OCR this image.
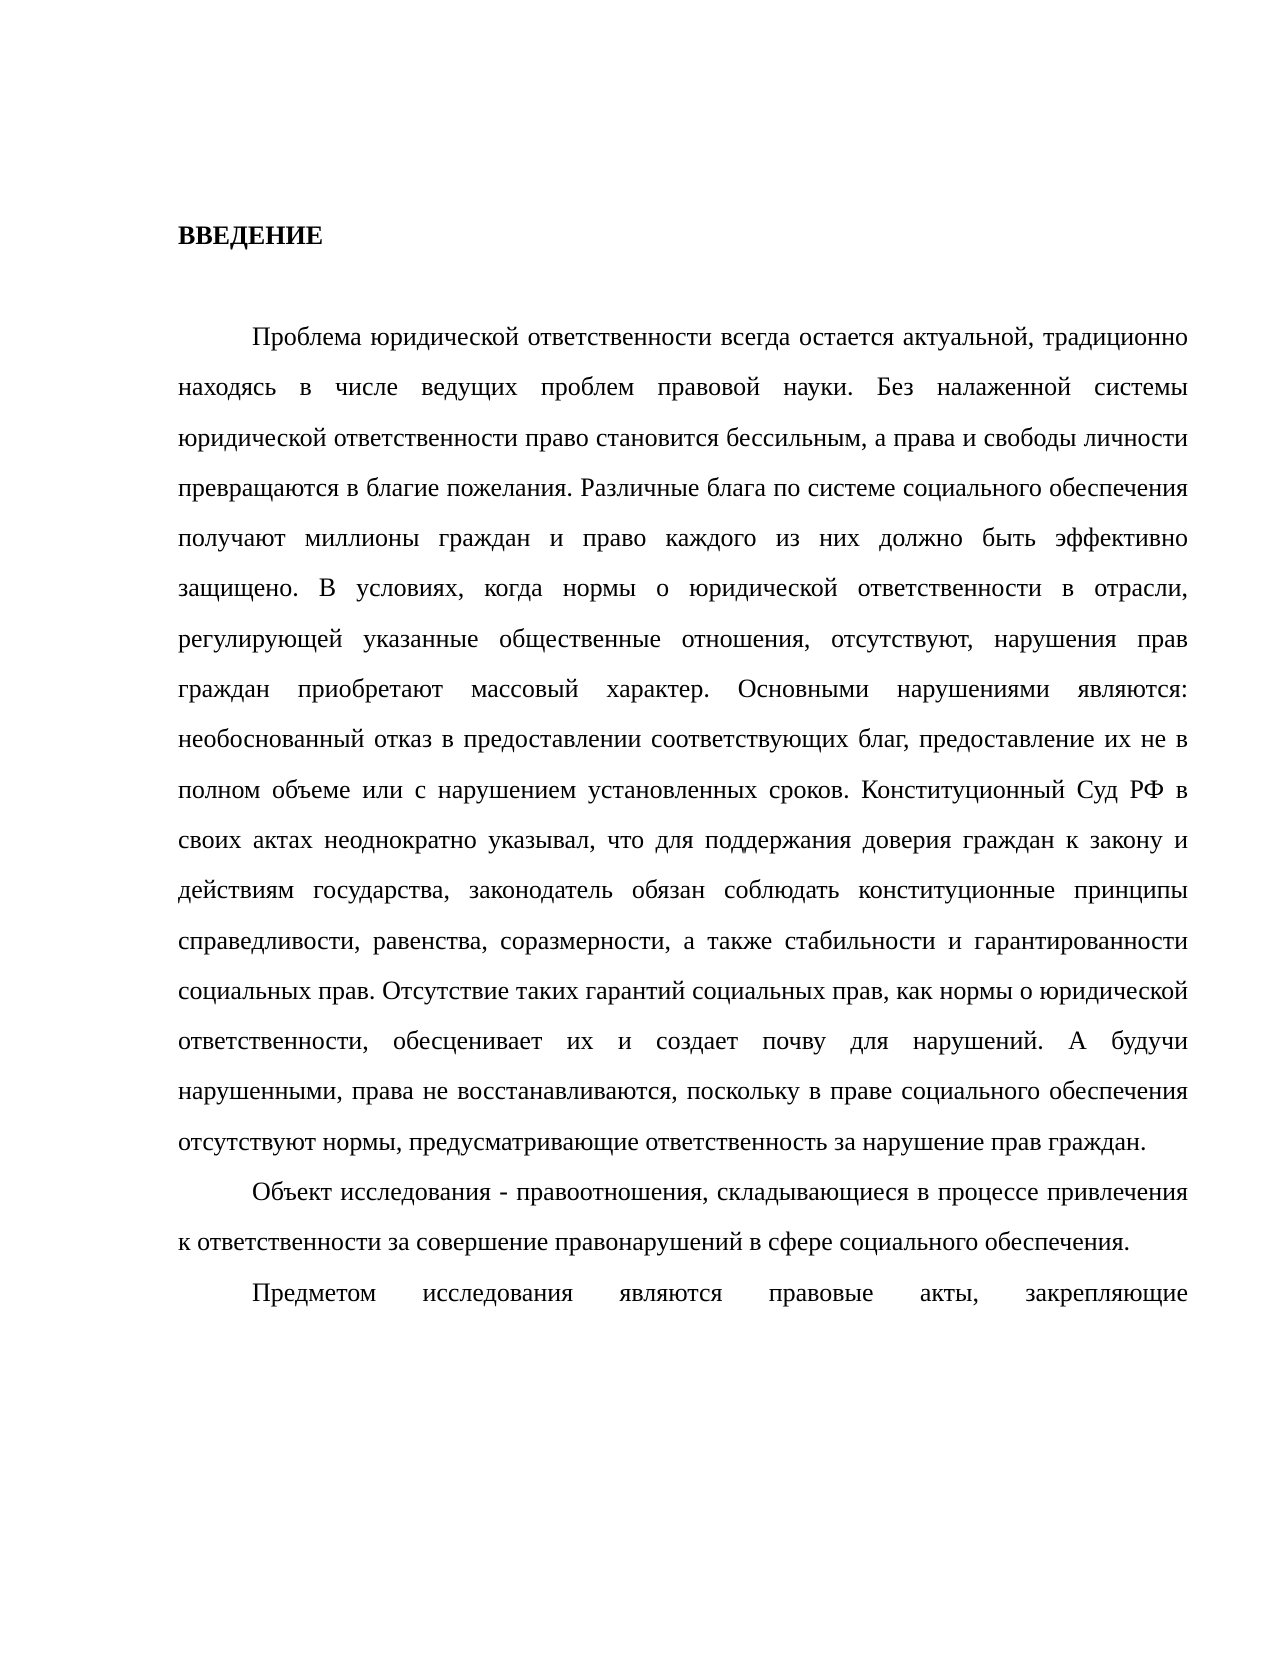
ВВЕДЕНИЕ

Проблема юридической ответственности всегда остается актуальной, традиционно находясь в числе ведущих проблем правовой науки. Без налаженной системы юридической ответственности право становится бессильным, а права и свободы личности превращаются в благие пожелания. Различные блага по системе социального обеспечения получают миллионы граждан и право каждого из них должно быть эффективно защищено. В условиях, когда нормы о юридической ответственности в отрасли, регулирующей указанные общественные отношения, отсутствуют, нарушения прав граждан приобретают массовый характер. Основными нарушениями являются: необоснованный отказ в предоставлении соответствующих благ, предоставление их не в полном объеме или с нарушением установленных сроков. Конституционный Суд РФ в своих актах неоднократно указывал, что для поддержания доверия граждан к закону и действиям государства, законодатель обязан соблюдать конституционные принципы справедливости, равенства, соразмерности, а также стабильности и гарантированности социальных прав. Отсутствие таких гарантий социальных прав, как нормы о юридической ответственности, обесценивает их и создает почву для нарушений. А будучи нарушенными, права не восстанавливаются, поскольку в праве социального обеспечения отсутствуют нормы, предусматривающие ответственность за нарушение прав граждан.

Объект исследования - правоотношения, складывающиеся в процессе привлечения к ответственности за совершение правонарушений в сфере социального обеспечения.

Предметом исследования являются правовые акты, закрепляющие
